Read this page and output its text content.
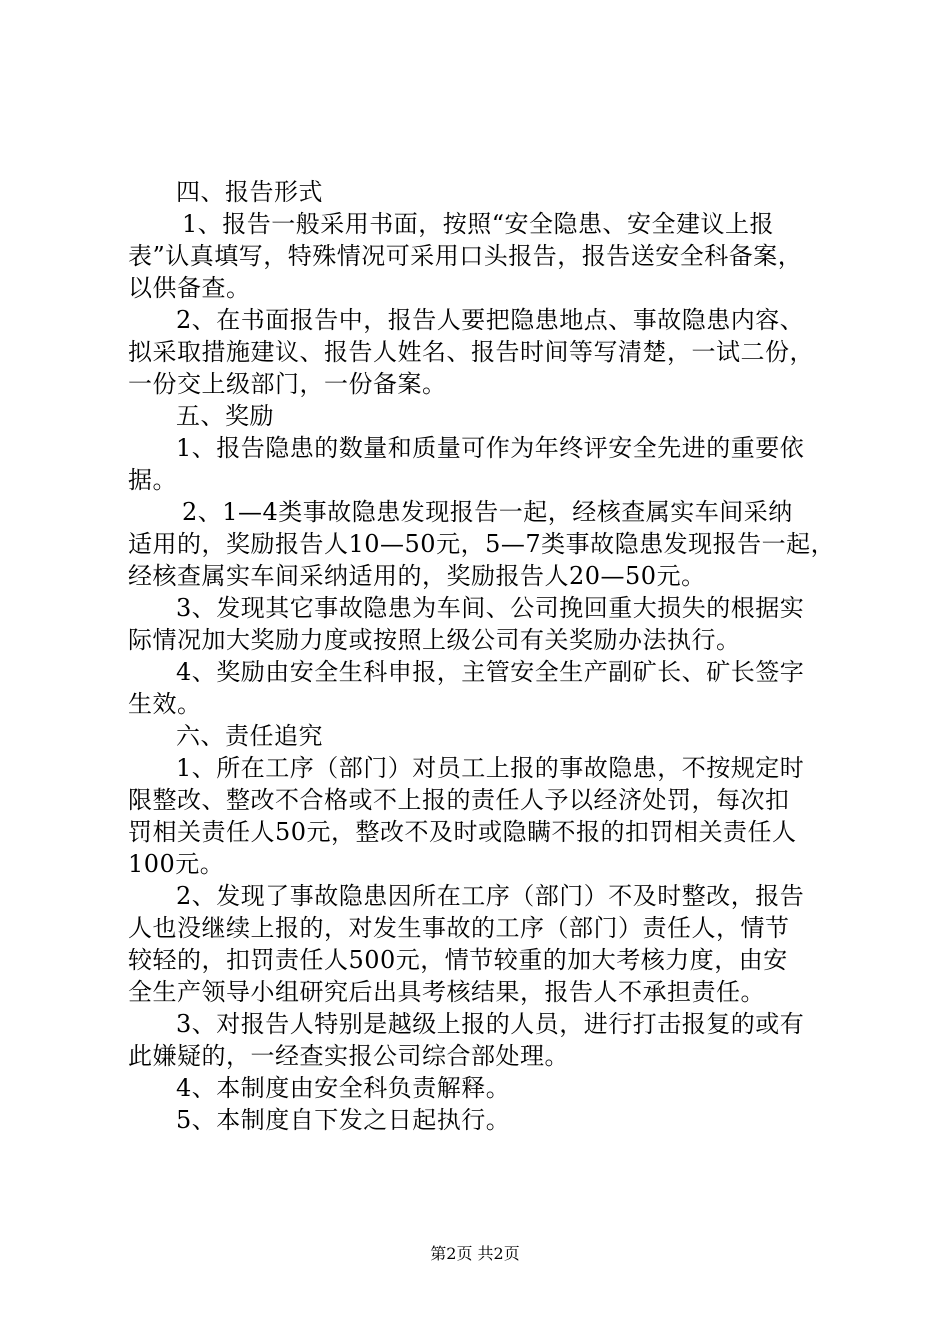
四、报告形式
1、报告一般采用书面，按照“安全隐患、安全建议上报
表”认真填写，特殊情况可采用口头报告，报告送安全科备案，
以供备查。
2、在书面报告中，报告人要把隐患地点、事故隐患内容、
拟采取措施建议、报告人姓名、报告时间等写清楚，一试二份，
一份交上级部门，一份备案。
五、奖励
1、报告隐患的数量和质量可作为年终评安全先进的重要依
据。
2、1—4类事故隐患发现报告一起，经核查属实车间采纳
适用的，奖励报告人10—50元，5—7类事故隐患发现报告一起，
经核查属实车间采纳适用的，奖励报告人20—50元。
3、发现其它事故隐患为车间、公司挽回重大损失的根据实
际情况加大奖励力度或按照上级公司有关奖励办法执行。
4、奖励由安全生科申报，主管安全生产副矿长、矿长签字
生效。
六、责任追究
1、所在工序（部门）对员工上报的事故隐患，不按规定时
限整改、整改不合格或不上报的责任人予以经济处罚，每次扣
罚相关责任人50元，整改不及时或隐瞒不报的扣罚相关责任人
100元。
2、发现了事故隐患因所在工序（部门）不及时整改，报告
人也没继续上报的，对发生事故的工序（部门）责任人，情节
较轻的，扣罚责任人500元，情节较重的加大考核力度，由安
全生产领导小组研究后出具考核结果，报告人不承担责任。
3、对报告人特别是越级上报的人员，进行打击报复的或有
此嫌疑的，一经查实报公司综合部处理。
4、本制度由安全科负责解释。
5、本制度自下发之日起执行。
第2页 共2页
